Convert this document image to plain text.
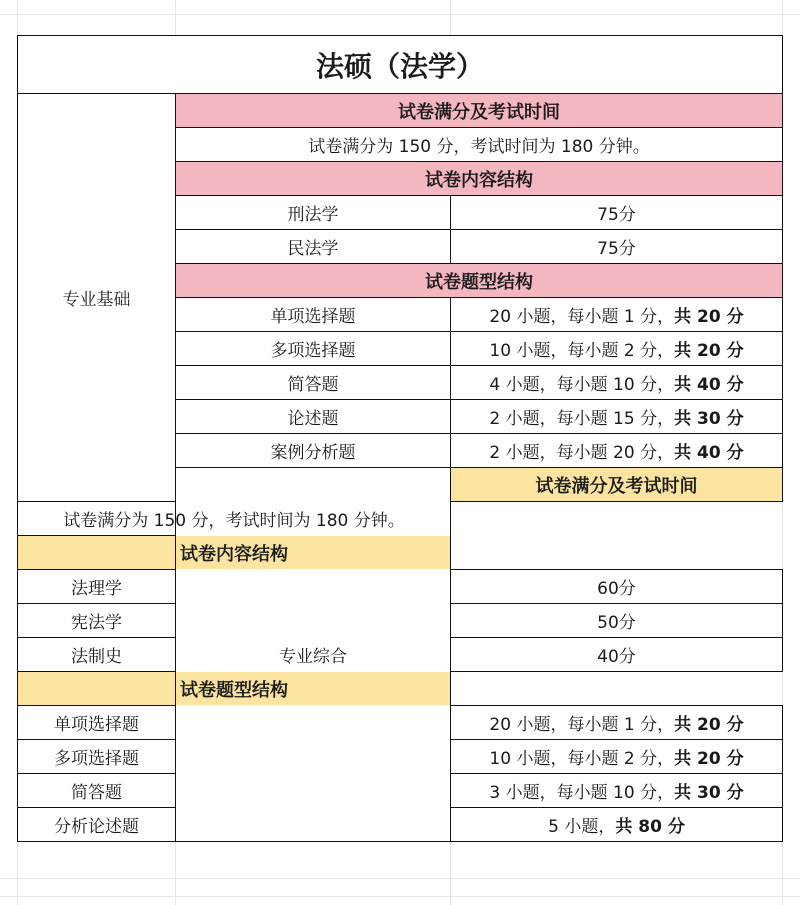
法硕（法学）		
专业基础	试卷满分及考试时间	
	试卷满分为 150 分，考试时间为 180 分钟。	
	试卷内容结构	
	刑法学	75分
	民法学	75分
	试卷题型结构	
	单项选择题	20 小题，每小题 1 分，共 20 分
	多项选择题	10 小题，每小题 2 分，共 20 分
	简答题	4 小题，每小题 10 分，共 40 分
	论述题	2 小题，每小题 15 分，共 30 分
	案例分析题	2 小题，每小题 20 分，共 40 分
	专业综合	试卷满分及考试时间
试卷满分为 150 分，考试时间为 180 分钟。		
试卷内容结构		
法理学		60分
宪法学		50分
法制史		40分
试卷题型结构		
单项选择题		20 小题，每小题 1 分，共 20 分
多项选择题		10 小题，每小题 2 分，共 20 分
简答题		3 小题，每小题 10 分，共 30 分
分析论述题		5 小题，共 80 分
